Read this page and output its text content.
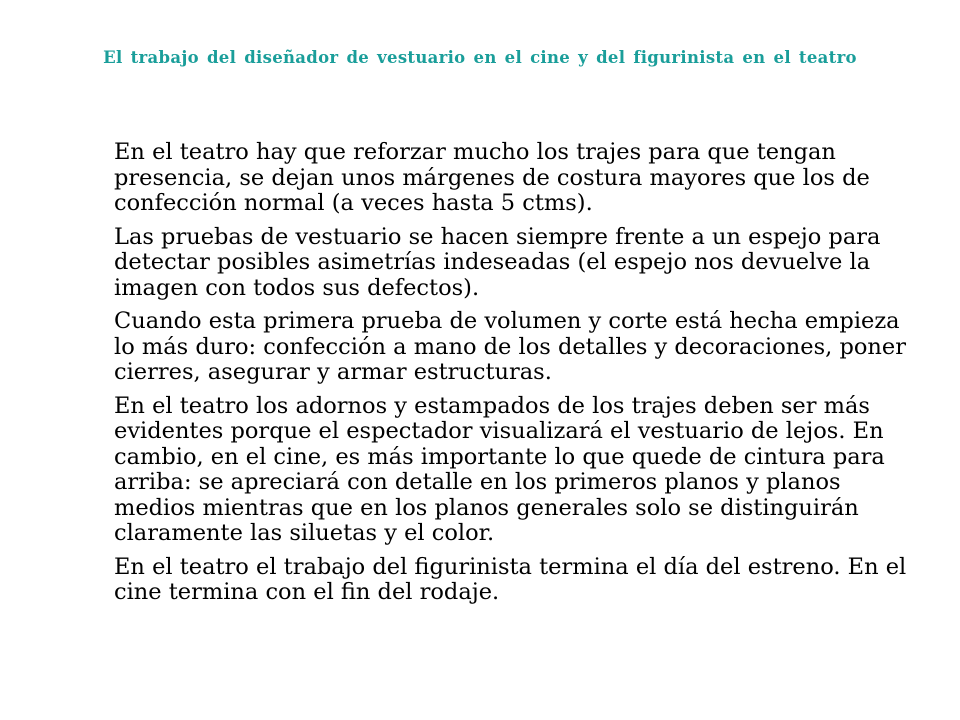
El trabajo del diseñador de vestuario en el cine y del figurinista en el teatro

En el teatro hay que reforzar mucho los trajes para que tengan presencia, se dejan unos márgenes de costura mayores que los de confección normal (a veces hasta 5 ctms).

Las pruebas de vestuario se hacen siempre frente a un espejo para detectar posibles asimetrías indeseadas (el espejo nos devuelve la imagen con todos sus defectos).

Cuando esta primera prueba de volumen y corte está hecha empieza lo más duro: confección a mano de los detalles y decoraciones, poner cierres, asegurar y armar estructuras.

En el teatro los adornos y estampados de los trajes deben ser más evidentes porque el espectador visualizará el vestuario de lejos. En cambio, en el cine, es más importante lo que quede de cintura para arriba: se apreciará con detalle en los primeros planos y planos medios mientras que en los planos generales solo se distinguirán claramente las siluetas y el color.

En el teatro el trabajo del figurinista termina el día del estreno. En el cine termina con el fin del rodaje.
